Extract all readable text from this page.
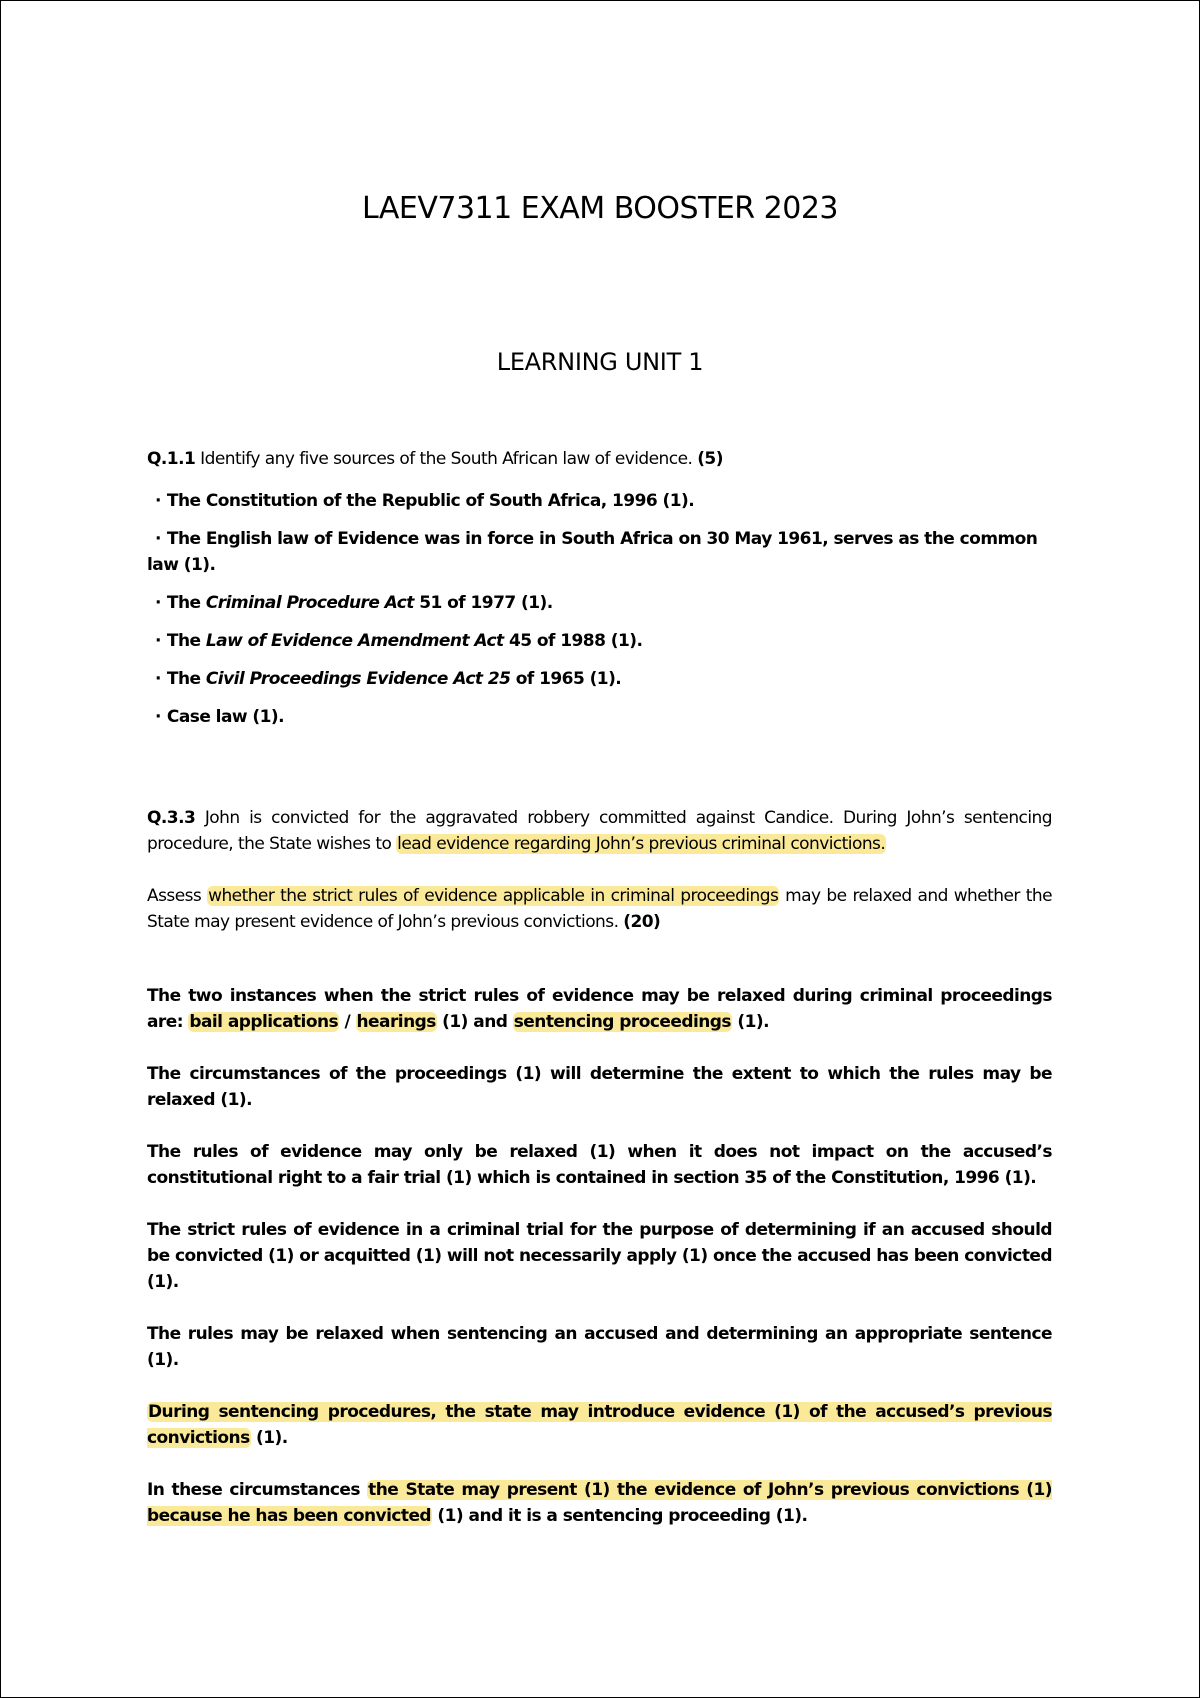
LAEV7311 EXAM BOOSTER 2023
LEARNING UNIT 1

Q.1.1 Identify any five sources of the South African law of evidence. (5)

· The Constitution of the Republic of South Africa, 1996 (1).

· The English law of Evidence was in force in South Africa on 30 May 1961, serves as the common law (1).

· The Criminal Procedure Act 51 of 1977 (1).

· The Law of Evidence Amendment Act 45 of 1988 (1).

· The Civil Proceedings Evidence Act 25 of 1965 (1).

· Case law (1).

Q.3.3 John is convicted for the aggravated robbery committed against Candice. During John’s sentencing procedure, the State wishes to lead evidence regarding John’s previous criminal convictions.

Assess whether the strict rules of evidence applicable in criminal proceedings may be relaxed and whether the State may present evidence of John’s previous convictions. (20)

The two instances when the strict rules of evidence may be relaxed during criminal proceedings are: bail applications / hearings (1) and sentencing proceedings (1).

The circumstances of the proceedings (1) will determine the extent to which the rules may be relaxed (1).

The rules of evidence may only be relaxed (1) when it does not impact on the accused’s constitutional right to a fair trial (1) which is contained in section 35 of the Constitution, 1996 (1).

The strict rules of evidence in a criminal trial for the purpose of determining if an accused should be convicted (1) or acquitted (1) will not necessarily apply (1) once the accused has been convicted (1).

The rules may be relaxed when sentencing an accused and determining an appropriate sentence (1).

During sentencing procedures, the state may introduce evidence (1) of the accused’s previous convictions (1).

In these circumstances the State may present (1) the evidence of John’s previous convictions (1) because he has been convicted (1) and it is a sentencing proceeding (1).
